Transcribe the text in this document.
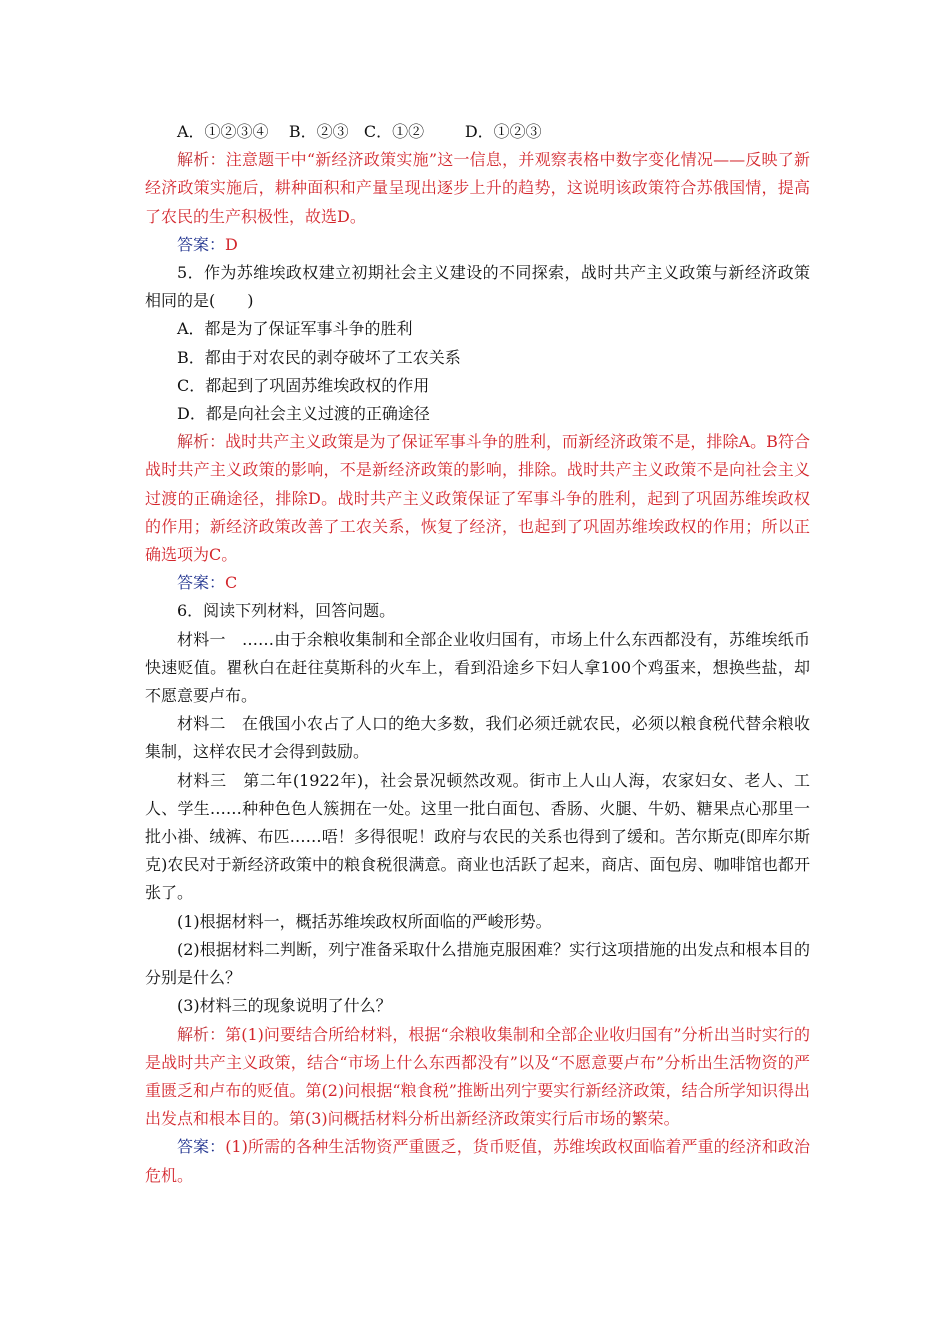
A．①②③④    B．②③   C．①②        D．①②③

解析：注意题干中“新经济政策实施”这一信息，并观察表格中数字变化情况——反映了新经济政策实施后，耕种面积和产量呈现出逐步上升的趋势，这说明该政策符合苏俄国情，提高了农民的生产积极性，故选D。

答案：D

5．作为苏维埃政权建立初期社会主义建设的不同探索，战时共产主义政策与新经济政策相同的是(　　)

A．都是为了保证军事斗争的胜利

B．都由于对农民的剥夺破坏了工农关系

C．都起到了巩固苏维埃政权的作用

D．都是向社会主义过渡的正确途径

解析：战时共产主义政策是为了保证军事斗争的胜利，而新经济政策不是，排除A。B符合战时共产主义政策的影响，不是新经济政策的影响，排除。战时共产主义政策不是向社会主义过渡的正确途径，排除D。战时共产主义政策保证了军事斗争的胜利，起到了巩固苏维埃政权的作用；新经济政策改善了工农关系，恢复了经济，也起到了巩固苏维埃政权的作用；所以正确选项为C。

答案：C

6．阅读下列材料，回答问题。

材料一　……由于余粮收集制和全部企业收归国有，市场上什么东西都没有，苏维埃纸币快速贬值。瞿秋白在赶往莫斯科的火车上，看到沿途乡下妇人拿100个鸡蛋来，想换些盐，却不愿意要卢布。

材料二　在俄国小农占了人口的绝大多数，我们必须迁就农民，必须以粮食税代替余粮收集制，这样农民才会得到鼓励。

材料三　第二年(1922年)，社会景况顿然改观。街市上人山人海，农家妇女、老人、工人、学生……种种色色人簇拥在一处。这里一批白面包、香肠、火腿、牛奶、糖果点心那里一批小褂、绒裤、布匹……唔！多得很呢！政府与农民的关系也得到了缓和。苦尔斯克(即库尔斯克)农民对于新经济政策中的粮食税很满意。商业也活跃了起来，商店、面包房、咖啡馆也都开张了。

(1)根据材料一，概括苏维埃政权所面临的严峻形势。

(2)根据材料二判断，列宁准备采取什么措施克服困难？实行这项措施的出发点和根本目的分别是什么？

(3)材料三的现象说明了什么？

解析：第(1)问要结合所给材料，根据“余粮收集制和全部企业收归国有”分析出当时实行的是战时共产主义政策，结合“市场上什么东西都没有”以及“不愿意要卢布”分析出生活物资的严重匮乏和卢布的贬值。第(2)问根据“粮食税”推断出列宁要实行新经济政策，结合所学知识得出出发点和根本目的。第(3)问概括材料分析出新经济政策实行后市场的繁荣。

答案：(1)所需的各种生活物资严重匮乏，货币贬值，苏维埃政权面临着严重的经济和政治危机。
